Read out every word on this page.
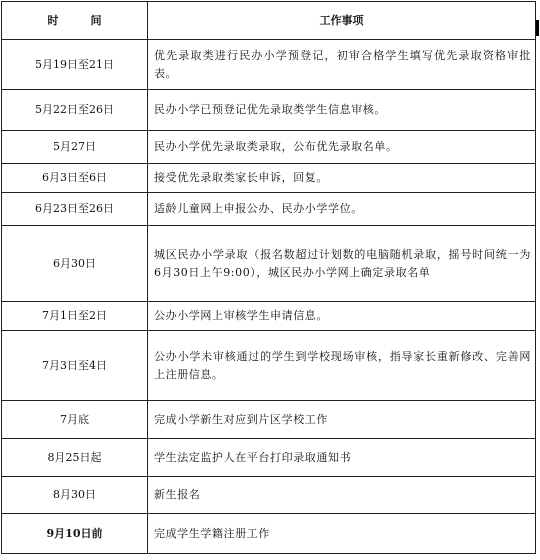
时间	工作事项
5月19日至21日	优先录取类进行民办小学预登记，初审合格学生填写优先录取资格审批表。
5月22日至26日	民办小学已预登记优先录取类学生信息审核。
5月27日	民办小学优先录取类录取，公布优先录取名单。
6月3日至6日	接受优先录取类家长申诉，回复。
6月23日至26日	适龄儿童网上申报公办、民办小学学位。
6月30日	城区民办小学录取（报名数超过计划数的电脑随机录取，摇号时间统一为6月30日上午9:00），城区民办小学网上确定录取名单
7月1日至2日	公办小学网上审核学生申请信息。
7月3日至4日	公办小学未审核通过的学生到学校现场审核，指导家长重新修改、完善网上注册信息。
7月底	完成小学新生对应到片区学校工作
8月25日起	学生法定监护人在平台打印录取通知书
8月30日	新生报名
9月10日前	完成学生学籍注册工作
